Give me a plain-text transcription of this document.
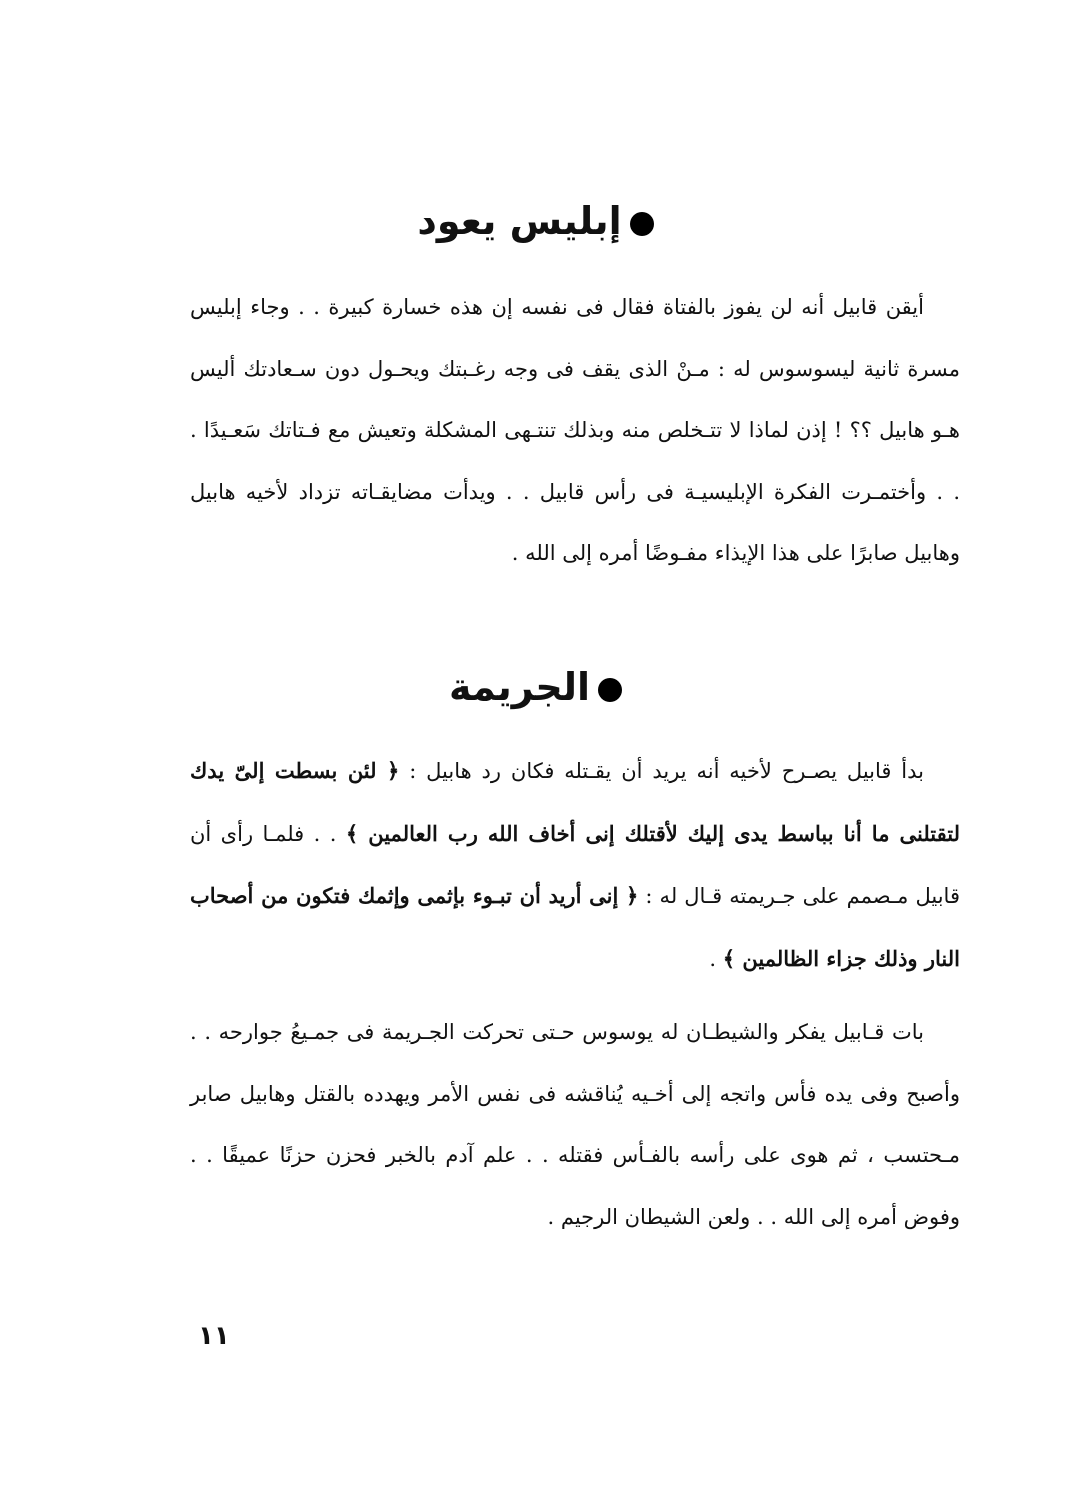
إبليس يعود
أيقن قابيل أنه لن يفوز بالفتاة فقال فى نفسه إن هذه خسارة كبيرة . . وجاء إبليس مسرة ثانية ليسوسوس له : مـنْ الذى يقف فى وجه رغـبتك ويحـول دون سـعادتك أليس هـو هابيل ؟؟ ! إذن لماذا لا تتـخلص منه وبذلك تنتـهى المشكلة وتعيش مع فـتاتك سَعـيدًا . . . وأختمـرت الفكرة الإبليسيـة فى رأس قابيل . . ويدأت مضايقـاته تزداد لأخيه هابيل وهابيل صابرًا على هذا الإيذاء مفـوضًا أمره إلى الله .
الجريمة
بدأ قابيل يصـرح لأخيه أنه يريد أن يقـتله فكان رد هابيل : ﴿ لئن بسطت إلىّ يدك لتقتلنى ما أنا بباسط يدى إليك لأقتلك إنى أخاف الله رب العالمين ﴾ . . فلمـا رأى أن قابيل مـصمم على جـريمته قـال له : ﴿ إنى أريد أن تبـوء بإثمى وإثمك فتكون من أصحاب النار وذلك جزاء الظالمين ﴾ .
بات قـابيل يفكر والشيطـان له يوسوس حـتى تحركت الجـريمة فى جمـيعُ جوارحه . . وأصبح وفى يده فأس واتجه إلى أخـيه يُناقشه فى نفس الأمر ويهدده بالقتل وهابيل صابر مـحتسب ، ثم هوى على رأسه بالفـأس فقتله . . علم آدم بالخبر فحزن حزنًا عميقًا . . وفوض أمره إلى الله . . ولعن الشيطان الرجيم .
١١
